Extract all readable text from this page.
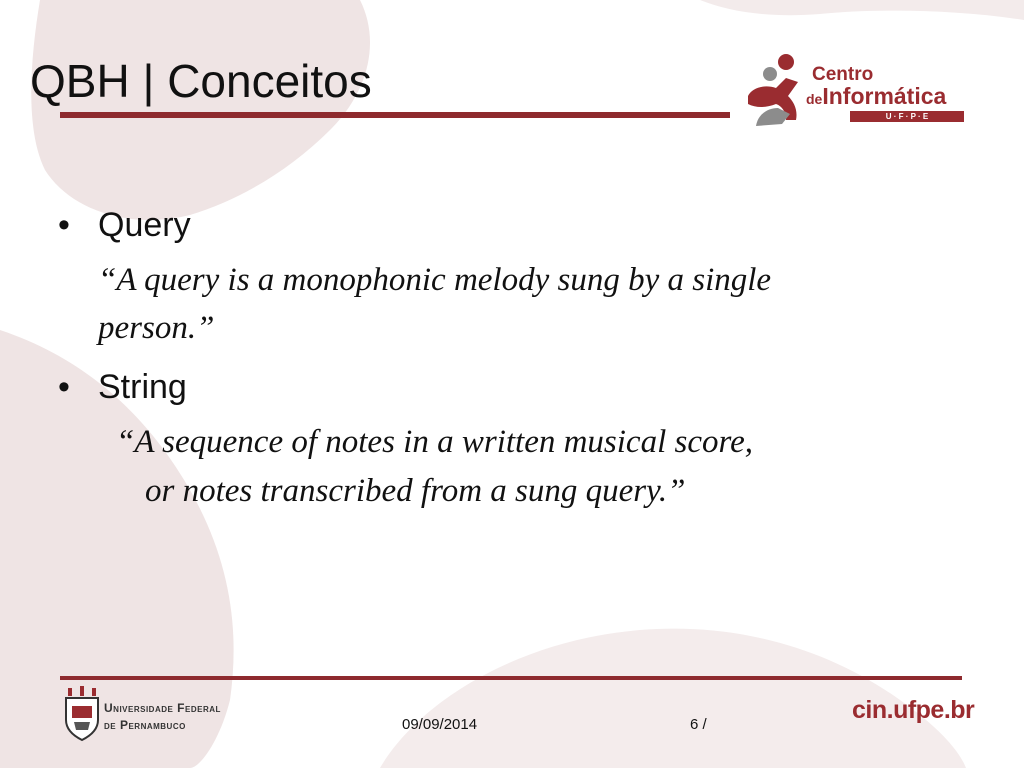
QBH | Conceitos	Centro
deInformática
U · F · P · E
• Query
“A query is a monophonic melody sung by a single
person.”
• String
“A sequence of notes in a written musical score,
or notes transcribed from a sung query.”
Universidade Federal
de Pernambuco	09/09/2014	6 /
cin.ufpe.br
